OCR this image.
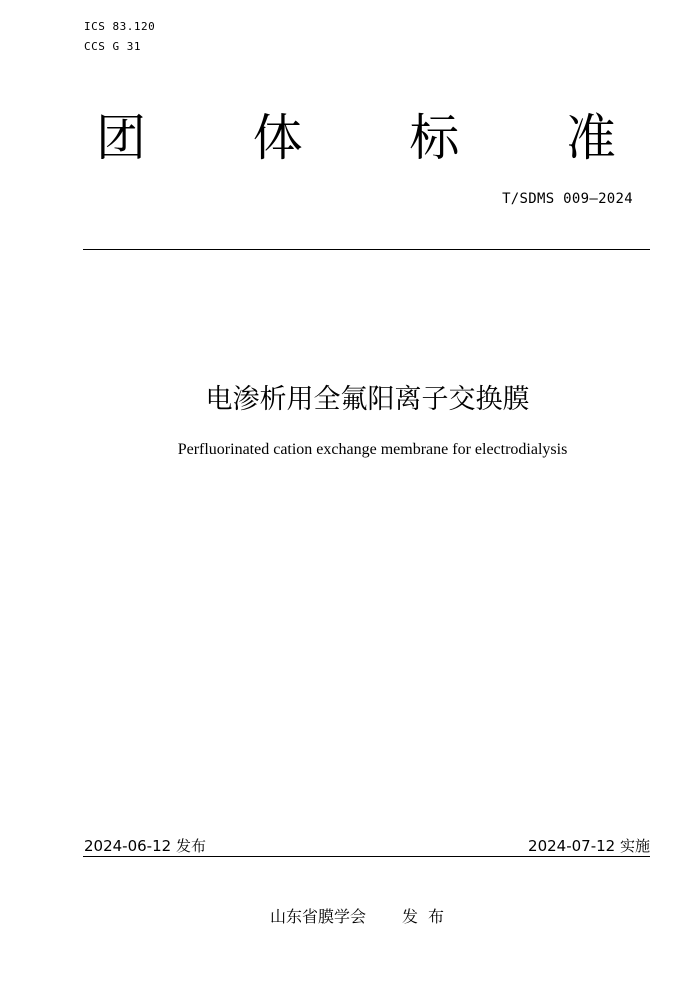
ICS 83.120
CCS G 31
团 体 标 准
T/SDMS 009—2024
电渗析用全氟阳离子交换膜
Perfluorinated cation exchange membrane for electrodialysis
2024-06-12 发布	2024-07-12 实施
山东省膜学会 发布
